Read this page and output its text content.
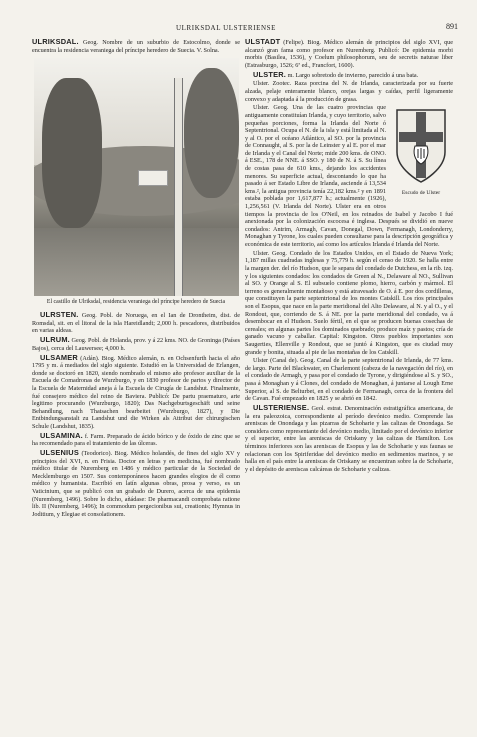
ULRIKSDAL ULSTERIENSE	891

ULRIKSDAL. Geog. Nombre de un suburbio de Estocolmo, donde se encuentra la residencia veraniega del príncipe heredero de Suecia. V. Solna.

El castillo de Ulriksdal, residencia veraniega del príncipe heredero de Suecia

ULRSTEN. Geog. Pobl. de Noruega, en el Ian de Drontheim, dist. de Romsdal, sit. en el litoral de la isla Hareidlandt; 2,000 h. pescadores, distribuidos en varias aldeas.

ULRUM. Geog. Pobl. de Holanda, prov. y á 22 kms. NO. de Groninga (Países Bajos), cerca del Lauwersee; 4,000 h.

ULSAMER (Adán). Biog. Médico alemán, n. en Ochsenfurth hacia el año 1795 y m. á mediados del siglo siguiente. Estudió en la Universidad de Erlangen, donde se doctoró en 1820, siendo nombrado el mismo año profesor auxiliar de la Escuela de Comadronas de Wurzburgo, y en 1830 profesor de partos y director de la Escuela de Maternidad aneja á la Escuela de Cirugía de Landshut. Finalmente, fué consejero médico del reino de Baviera. Publicó: De partu praematuro, arte legitimo procurando (Wurzburgo, 1820); Das Nachgeburtsgeschäft und seine Behandlung, nach Thatsachen bearbeitet (Wurzburgo, 1827), y Die Entbindungsanstalt zu Landshut und die Wirken als Attribut der chirurgischen Schule (Landshut, 1835).

ULSAMINA. f. Farm. Preparado de ácido bórico y de óxido de zinc que se ha recomendado para el tratamiento de las úlceras.

ULSENIUS (Teodorico). Biog. Médico holandés, de fines del siglo XV y principios del XVI, n. en Frisia. Doctor en letras y en medicina, fué nombrado médico titular de Nuremberg en 1486 y médico particular de la Sociedad de Mecklemburgo en 1507. Sus contemporáneos hacen grandes elogios de él como médico y humanista. Escribió en latín algunas obras, prosa y verso, es un Vaticinium, que se publicó con un grabado de Durero, acerca de una epidemia (Nuremberg, 1496). Sobre lo dicho, añádase: De pharmacandi comprobata ratione lib. II (Nuremberg, 1496); In commodum pergecionibus sui, creationis; Hymnus in Joditium, y Elegiae et consolationem.

ULSTADT (Felipe). Biog. Médico alemán de principios del siglo XVI, que alcanzó gran fama como profesor en Nuremberg. Publicó: De epidemia morbi morbis (Basilea, 1536), y Coelum philosophorum, seu de secretis naturae liber (Estrasburgo, 1526; 6ª ed., Francfort, 1600).

ULSTER. m. Largo sobretodo de invierno, parecido á una bata.

Ulster. Zootec. Raza porcina del N. de Irlanda, caracterizada por su fuerte alzada, pelaje enteramente blanco, orejas largas y caídas, perfil ligeramente convexo y adaptada á la producción de grasa.

Escudo de Ulster

Ulster. Geog. Una de las cuatro provincias que antiguamente constituían Irlanda, y cuyo territorio, salvo pequeñas porciones, forma la Irlanda del Norte ó Septentrional. Ocupa el N. de la isla y está limitada al N. y al O. por el océano Atlántico, al SO. por la provincia de Connaught, al S. por la de Leinster y al E. por el mar de Irlanda y el Canal del Norte; mide 200 kms. de ONO. á ESE., 178 de NNE. á SSO. y 180 de N. á S. Su línea de costas pasa de 610 kms., dejando los accidentes menores. Su superficie actual, descontando lo que ha pasado á ser Estado Libre de Irlanda, asciende á 13,534 kms.², la antigua provincia tenía 22,182 kms.² y en 1891 estaba poblada por 1,617,877 h.; actualmente (1926), 1,256,561 (V. Irlanda del Norte). Ulster era en otros tiempos la provincia de los O'Neil, en los reinados de Isabel y Jacobo I fué anexionada por la colonización escocesa é inglesa. Después se dividió en nueve condados: Antrim, Armagh, Cavan, Donegal, Down, Fermanagh, Londonderry, Monaghan y Tyrone, los cuales pueden consultarse para la descripción geográfica y económica de este territorio, así como los artículos Irlanda é Irlanda del Norte.

Ulster. Geog. Condado de los Estados Unidos, en el Estado de Nueva York; 1,187 millas cuadradas inglesas y 75,779 h. según el censo de 1920. Se halla entre la margen der. del río Hudson, que le separa del condado de Dutchess, en la rib. izq. y los siguientes condados: los condados de Green al N., Delaware al NO., Sullivan al SO. y Orange al S. El subsuelo contiene plomo, hierro, carbón y mármol. El terreno es generalmente montañoso y está atravesado de O. á E. por dos cordilleras, que constituyen la parte septentrional de los montes Catskill. Los ríos principales son el Esopus, que nace en la parte meridional del Alto Delaware, al N. y al O., y el Rondout, que, corriendo de S. á NE. por la parte meridional del condado, va á desembocar en el Hudson. Suelo fértil, en el que se producen buenas cosechas de cereales; en algunas partes los dominados quebrado; produce maíz y pastos; cría de ganado vacuno y caballar. Capital: Kingston. Otros pueblos importantes son Saugerties, Ellenville y Rondout, que se juntó á Kingston, que es ciudad muy grande y bonita, situada al pie de las montañas de los Catskill.

Ulster (Canal de). Geog. Canal de la parte septentrional de Irlanda, de 77 kms. de largo. Parte del Blackwater, en Charlemont (cabeza de la navegación del río), en el condado de Armagh, y pasa por el condado de Tyrone, y dirigiéndose al S. y SO., pasa á Monaghan y á Clones, del condado de Monaghan, á juntarse al Lough Erne Superior, al S. de Belturbet, en el condado de Fermanagh, cerca de la frontera del de Cavan. Fué empezado en 1825 y se abrió en 1842.

ULSTERIENSE. Geol. estrat. Denominación estratigráfica americana, de la era paleozoica, correspondiente al período devónico medio. Comprende las areniscas de Onondaga y las pizarras de Schoharie y las calizas de Onondaga. Se considera como representante del devónico medio, limitado por el devónico inferior y el superior, entre las areniscas de Oriskany y las calizas de Hamilton. Los términos inferiores son las areniscas de Esopus y las de Schoharie y sus faunas se relacionan con los Spiriferidae del devónico medio en sedimentos marinos, y se halla en el país entre la areniscas de Oriskany se encuentran sobre la de Schoharie, y el depósito de areniscas calcáreas de Schoharie y calizas.
